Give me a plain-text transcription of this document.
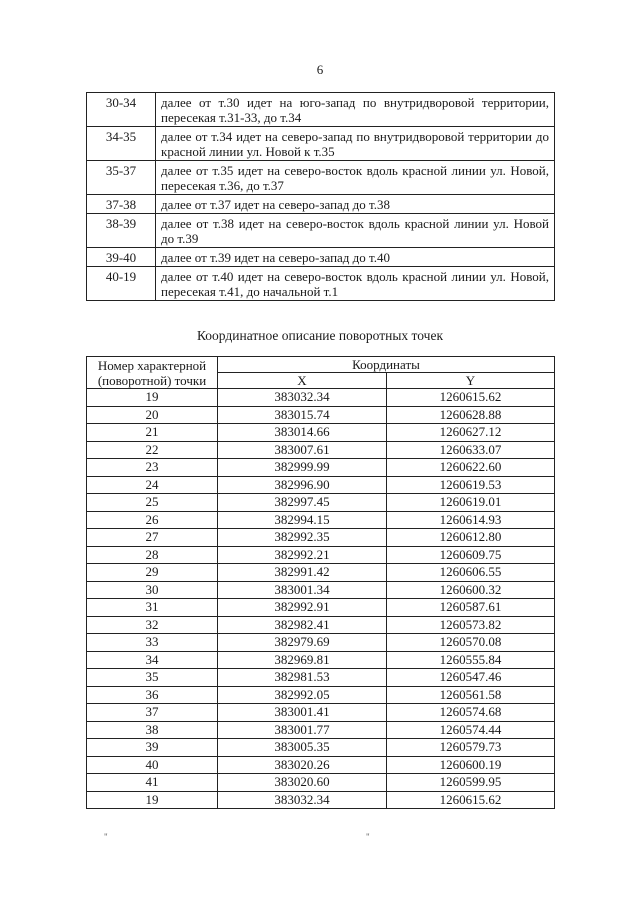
6
30-34	далее от т.30 идет на юго-запад по внутридворовой территории, пересекая т.31-33, до т.34
34-35	далее от т.34 идет на северо-запад по внутридворовой территории до красной линии ул. Новой к т.35
35-37	далее от т.35 идет на северо-восток вдоль красной линии ул. Новой, пересекая т.36, до т.37
37-38	далее от т.37 идет на северо-запад до т.38
38-39	далее от т.38 идет на северо-восток вдоль красной линии ул. Новой до т.39
39-40	далее от т.39 идет на северо-запад до т.40
40-19	далее от т.40 идет на северо-восток вдоль красной линии ул. Новой, пересекая т.41, до начальной т.1
Координатное описание поворотных точек
Номер характерной (поворотной) точки	Координаты	
	X	Y
19	383032.34	1260615.62
20	383015.74	1260628.88
21	383014.66	1260627.12
22	383007.61	1260633.07
23	382999.99	1260622.60
24	382996.90	1260619.53
25	382997.45	1260619.01
26	382994.15	1260614.93
27	382992.35	1260612.80
28	382992.21	1260609.75
29	382991.42	1260606.55
30	383001.34	1260600.32
31	382992.91	1260587.61
32	382982.41	1260573.82
33	382979.69	1260570.08
34	382969.81	1260555.84
35	382981.53	1260547.46
36	382992.05	1260561.58
37	383001.41	1260574.68
38	383001.77	1260574.44
39	383005.35	1260579.73
40	383020.26	1260600.19
41	383020.60	1260599.95
19	383032.34	1260615.62
"	"
